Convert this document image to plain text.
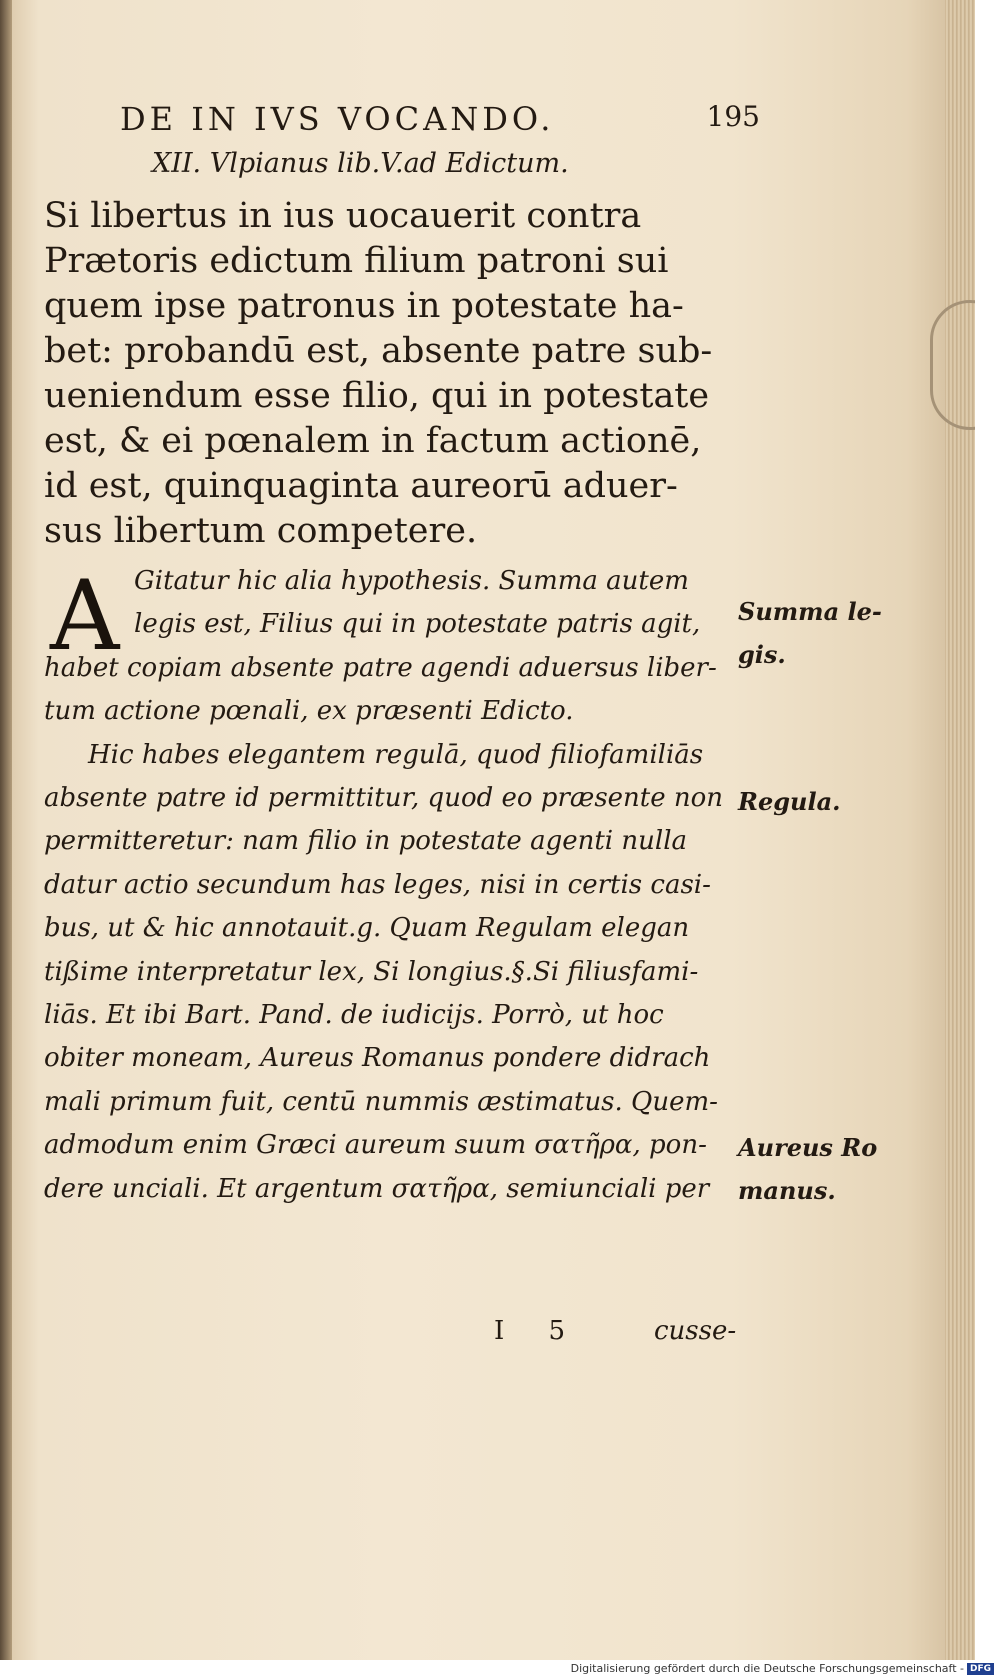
DE IN IVS VOCANDO.	195
XII. Vlpianus lib.V.ad Edictum.
Si libertus in ius uocauerit contra
Prætoris edictum filium patroni sui
quem ipse patronus in potestate ha-
bet: probandū est, absente patre sub-
ueniendum esse filio, qui in potestate
est, & ei pœnalem in factum actionē,
id est, quinquaginta aureorū aduer-
sus libertum competere.
Gitatur hic alia hypothesis. Summa autem
legis est, Filius qui in potestate patris agit,
habet copiam absente patre agendi aduersus liber-
tum actione pœnali, ex præsenti Edicto.
Hic habes elegantem regulā, quod filiofamiliās
absente patre id permittitur, quod eo præsente non
permitteretur: nam filio in potestate agenti nulla
datur actio secundum has leges, nisi in certis casi-
bus, ut & hic annotauit.g. Quam Regulam elegan
tißime interpretatur lex, Si longius.§.Si filiusfami-
liās. Et ibi Bart. Pand. de iudicijs. Porrò, ut hoc
obiter moneam, Aureus Romanus pondere didrach
mali primum fuit, centū nummis æstimatus. Quem-
admodum enim Græci aureum suum σατῆρα, pon-
dere unciali. Et argentum σατῆρα, semiunciali per
A	Summa le-
gis.
Regula.
Aureus Ro
manus.
I 5	cusse-
Digitalisierung gefördert durch die Deutsche Forschungsgemeinschaft - DFG
